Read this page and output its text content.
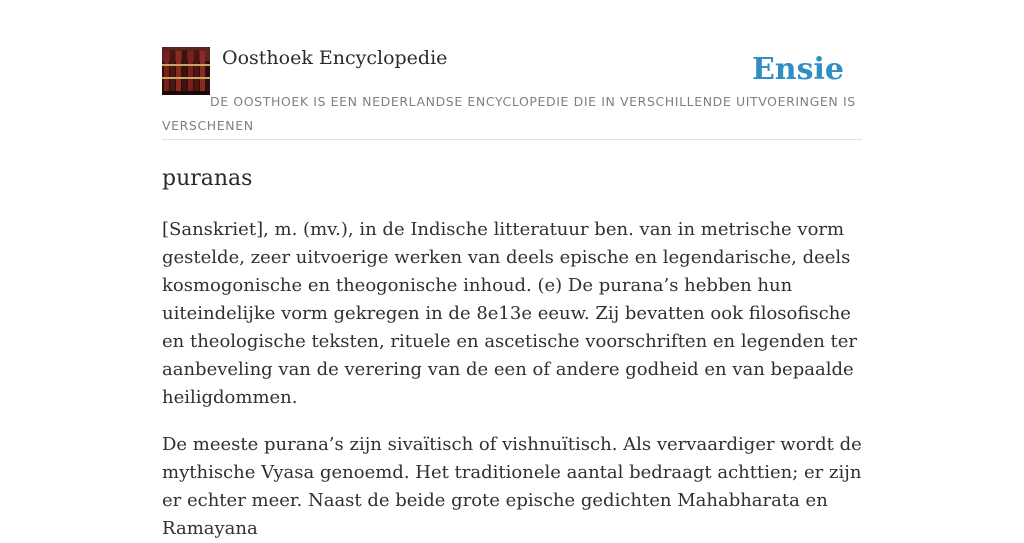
Oosthoek Encyclopedie	Ensie
DE OOSTHOEK IS EEN NEDERLANDSE ENCYCLOPEDIE DIE IN VERSCHILLENDE UITVOERINGEN IS VERSCHENEN
puranas

[Sanskriet], m. (mv.), in de Indische litteratuur ben. van in metrische vorm gestelde, zeer uitvoerige werken van deels epische en legendarische, deels kosmogonische en theogonische inhoud. (e) De purana’s hebben hun uiteindelijke vorm gekregen in de 8e13e eeuw. Zij bevatten ook filosofische en theologische teksten, rituele en ascetische voorschriften en legenden ter aanbeveling van de verering van de een of andere godheid en van bepaalde heiligdommen.

De meeste purana’s zijn sivaïtisch of vishnuïtisch. Als vervaardiger wordt de mythische Vyasa genoemd. Het traditionele aantal bedraagt achttien; er zijn er echter meer. Naast de beide grote epische gedichten Mahabharata en Ramayana
